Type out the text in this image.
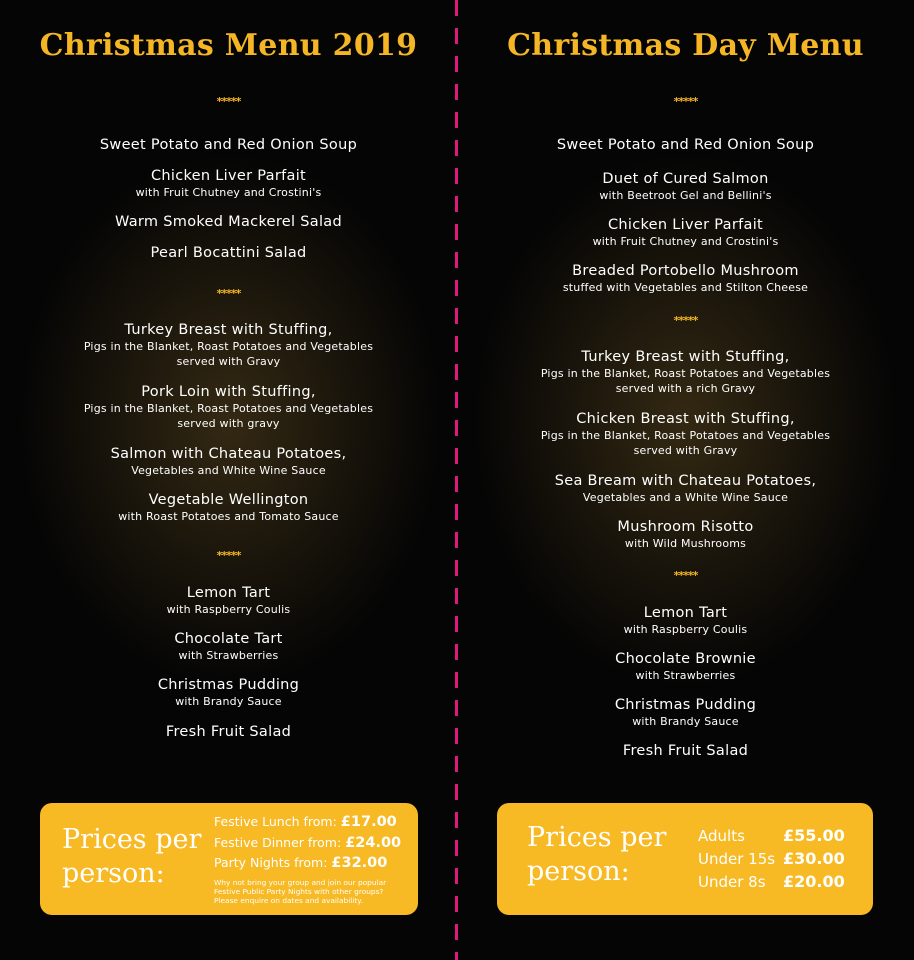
Christmas Menu 2019
*****
Sweet Potato and Red Onion Soup
Chicken Liver Parfait
with Fruit Chutney and Crostini's
Warm Smoked Mackerel Salad
Pearl Bocattini Salad
*****
Turkey Breast with Stuffing,
Pigs in the Blanket, Roast Potatoes and Vegetables
served with Gravy
Pork Loin with Stuffing,
Pigs in the Blanket, Roast Potatoes and Vegetables
served with gravy
Salmon with Chateau Potatoes,
Vegetables and White Wine Sauce
Vegetable Wellington
with Roast Potatoes and Tomato Sauce
*****
Lemon Tart
with Raspberry Coulis
Chocolate Tart
with Strawberries
Christmas Pudding
with Brandy Sauce
Fresh Fruit Salad
Prices per
person:
Festive Lunch from: £17.00
Festive Dinner from: £24.00
Party Nights from: £32.00
Why not bring your group and join our popular
Festive Public Party Nights with other groups?
Please enquire on dates and availability.
Christmas Day Menu
*****
Sweet Potato and Red Onion Soup
Duet of Cured Salmon
with Beetroot Gel and Bellini's
Chicken Liver Parfait
with Fruit Chutney and Crostini's
Breaded Portobello Mushroom
stuffed with Vegetables and Stilton Cheese
*****
Turkey Breast with Stuffing,
Pigs in the Blanket, Roast Potatoes and Vegetables
served with a rich Gravy
Chicken Breast with Stuffing,
Pigs in the Blanket, Roast Potatoes and Vegetables
served with Gravy
Sea Bream with Chateau Potatoes,
Vegetables and a White Wine Sauce
Mushroom Risotto
with Wild Mushrooms
*****
Lemon Tart
with Raspberry Coulis
Chocolate Brownie
with Strawberries
Christmas Pudding
with Brandy Sauce
Fresh Fruit Salad
Prices per
person:
Adults £55.00
Under 15s £30.00
Under 8s £20.00
